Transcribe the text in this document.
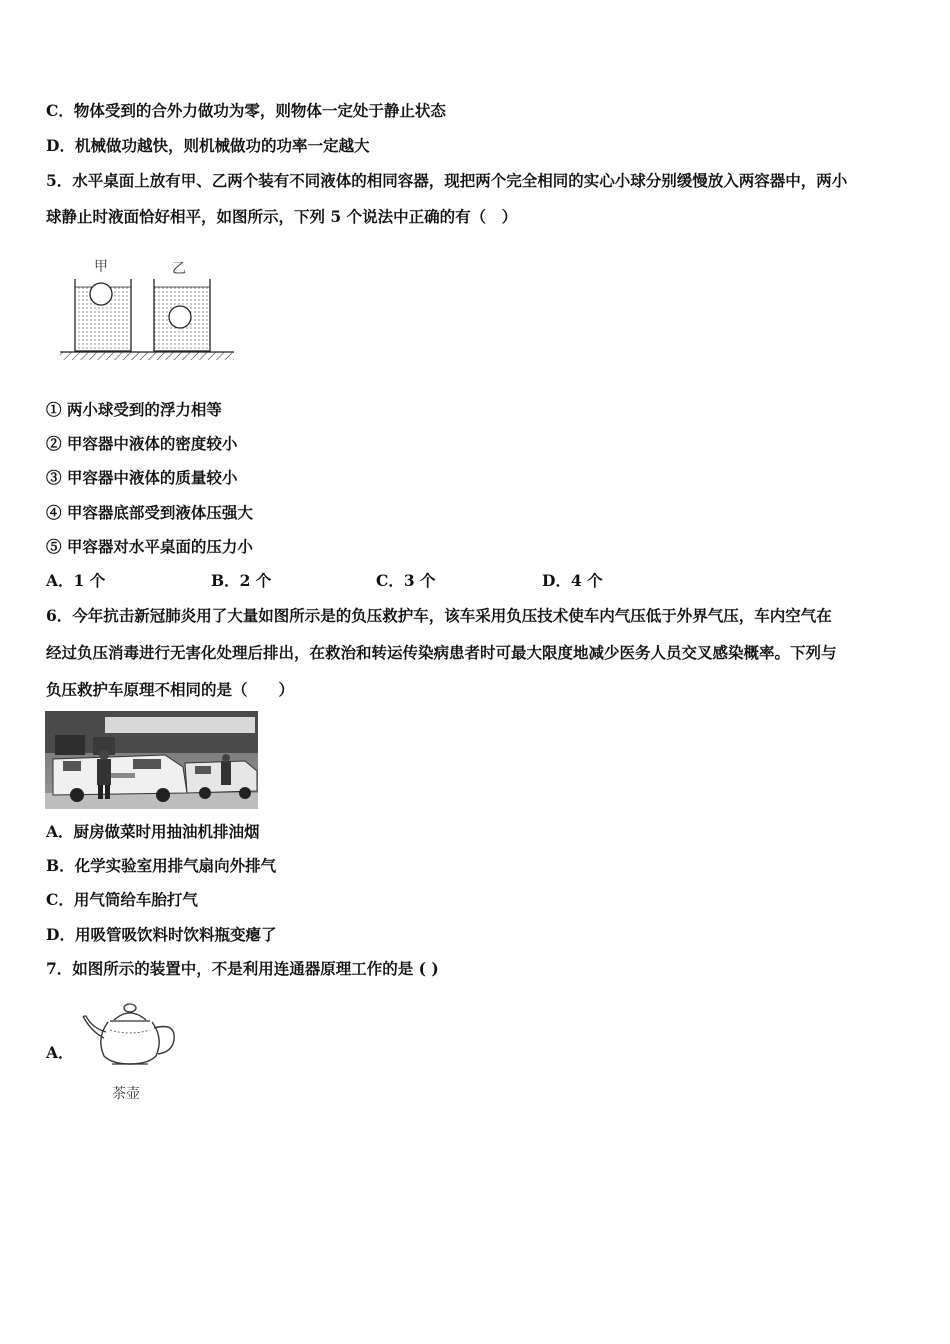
C．物体受到的合外力做功为零，则物体一定处于静止状态
D．机械做功越快，则机械做功的功率一定越大
5．水平桌面上放有甲、乙两个装有不同液体的相同容器，现把两个完全相同的实心小球分别缓慢放入两容器中，两小
球静止时液面恰好相平，如图所示，下列 5 个说法中正确的有（　）
甲	乙
① 两小球受到的浮力相等
② 甲容器中液体的密度较小
③ 甲容器中液体的质量较小
④ 甲容器底部受到液体压强大
⑤ 甲容器对水平桌面的压力小
A．1 个	B．2 个	C．3 个	D．4 个
6．今年抗击新冠肺炎用了大量如图所示是的负压救护车，该车采用负压技术使车内气压低于外界气压，车内空气在
经过负压消毒进行无害化处理后排出，在救治和转运传染病患者时可最大限度地减少医务人员交叉感染概率。下列与
负压救护车原理不相同的是（　　）
A．厨房做菜时用抽油机排油烟
B．化学实验室用排气扇向外排气
C．用气筒给车胎打气
D．用吸管吸饮料时饮料瓶变瘪了
7．如图所示的装置中，不是利用连通器原理工作的是 ( )
A．
茶壶
